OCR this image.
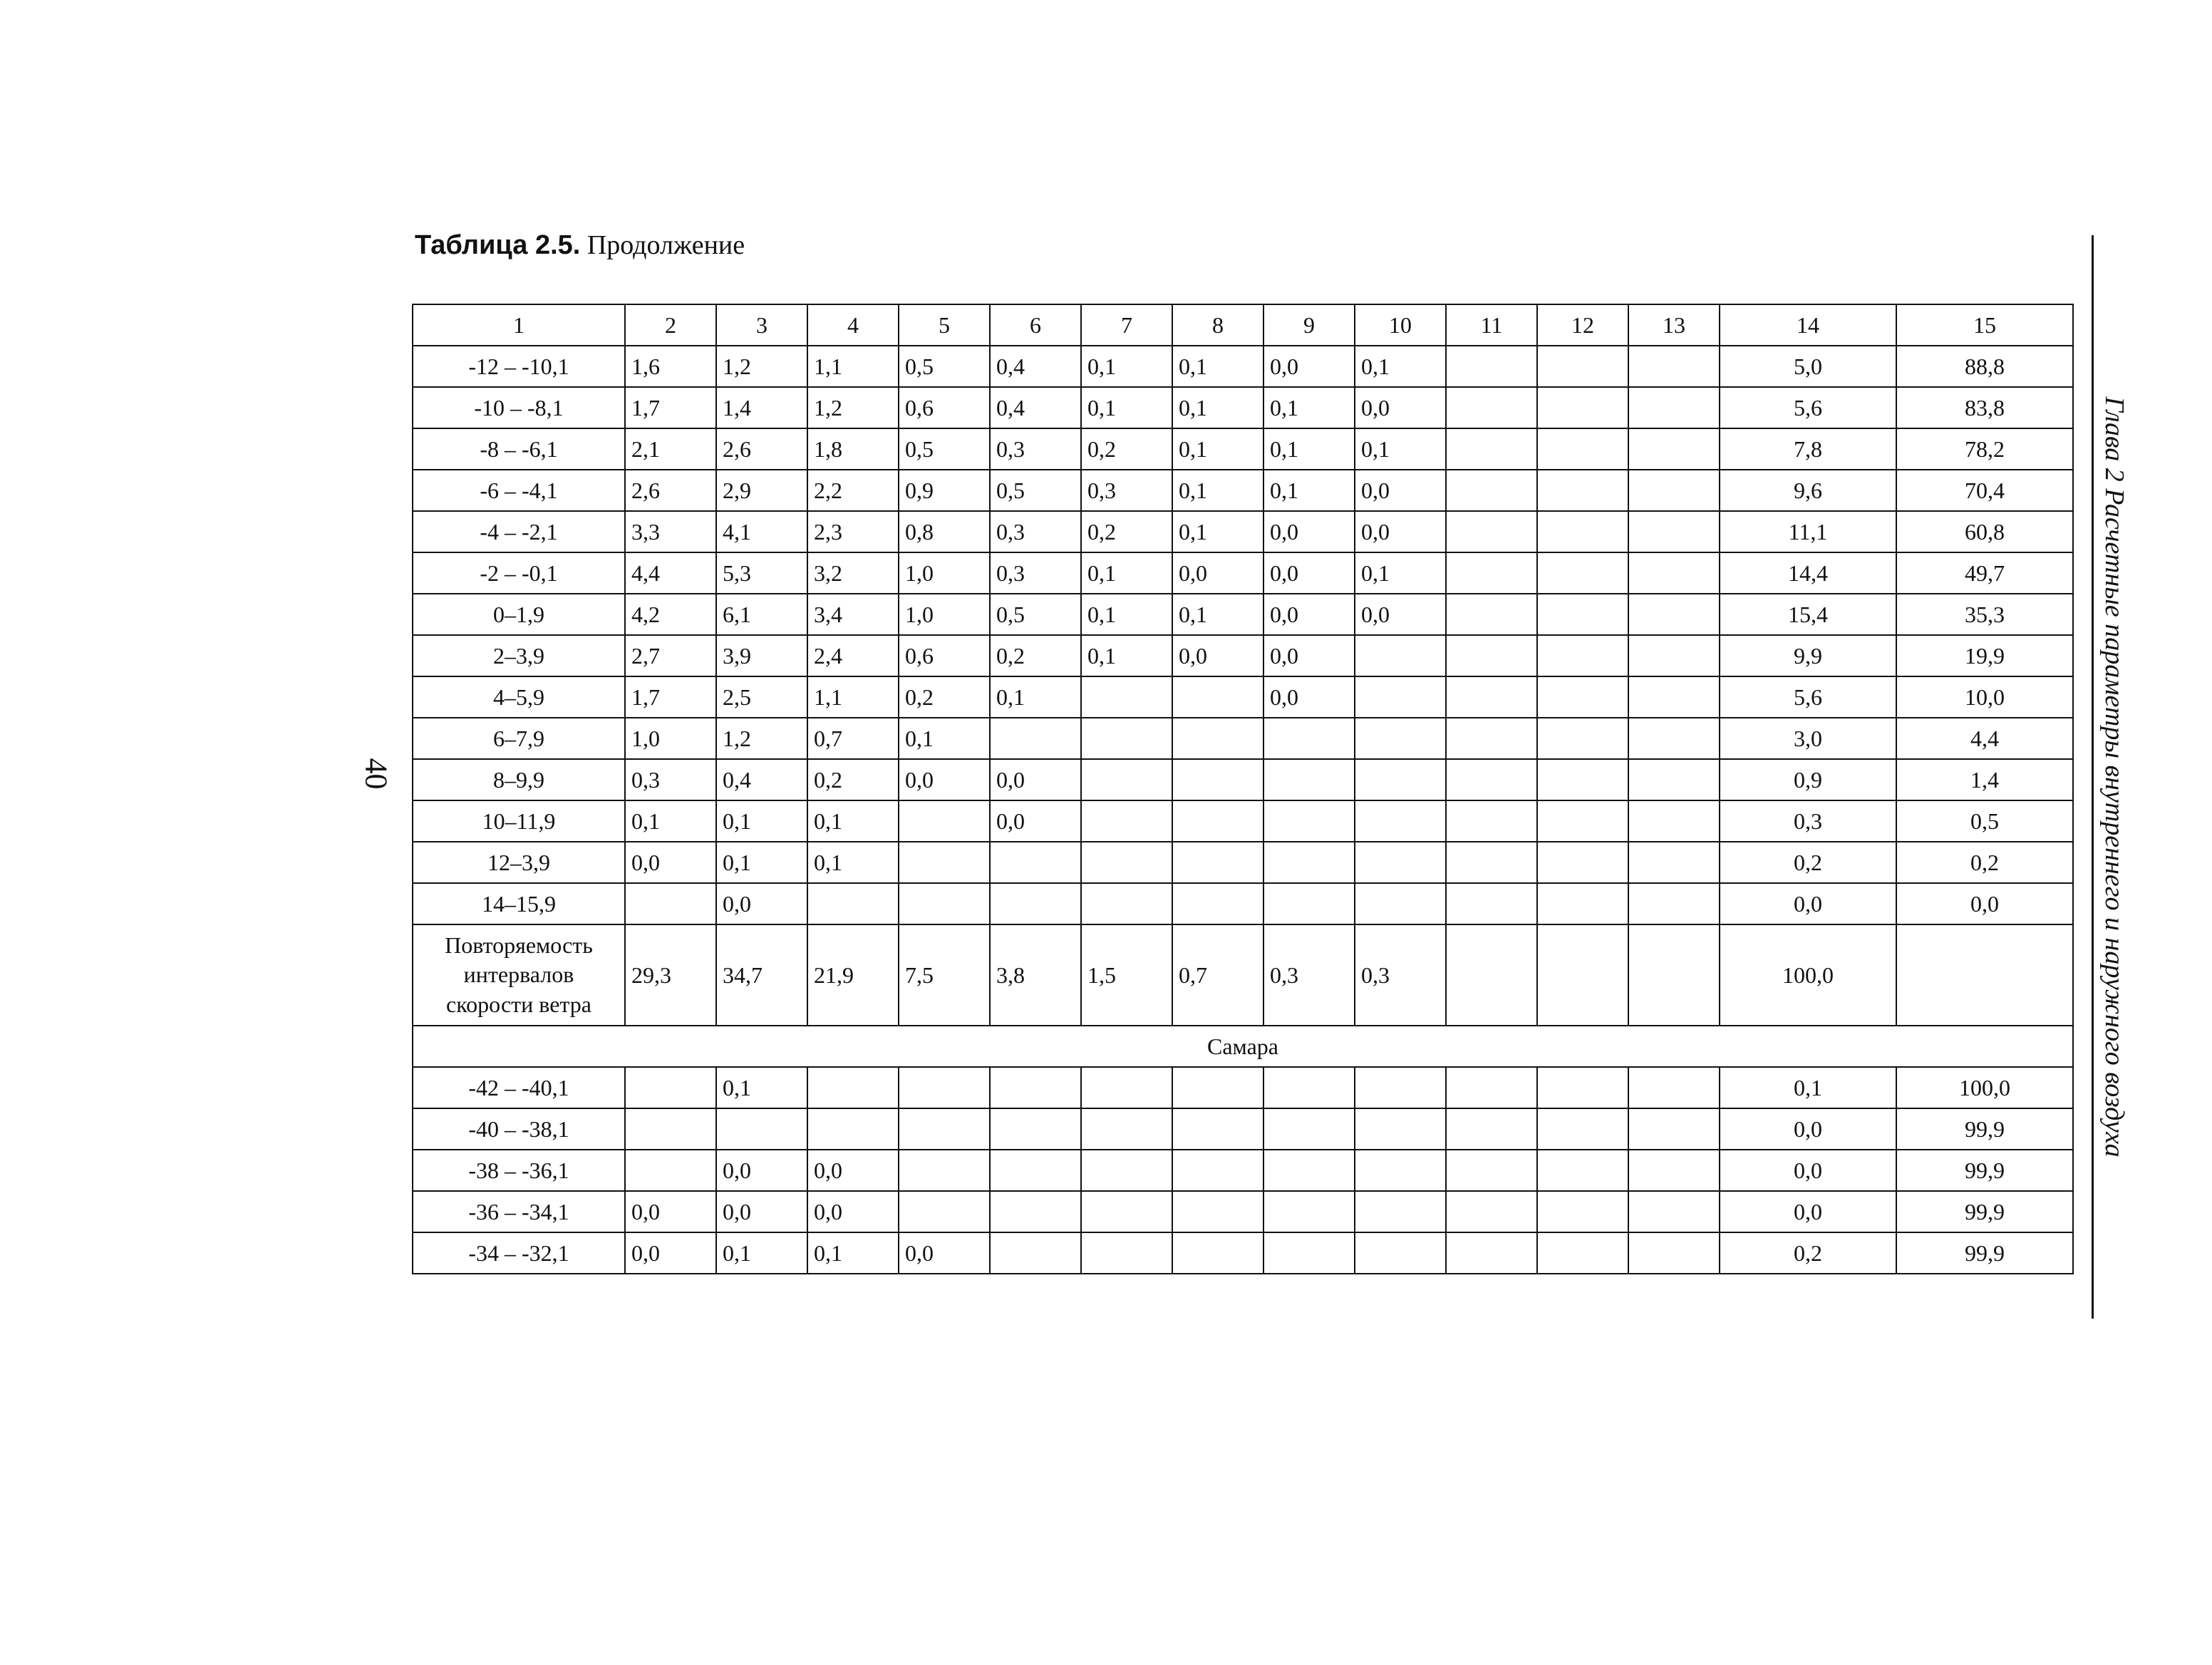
Таблица 2.5. Продолжение
40	Глава 2 Расчетные параметры внутреннего и наружного воздуха
1	2	3	4	5	6	7	8	9	10	11	12	13	14	15
-12 – -10,1	1,6	1,2	1,1	0,5	0,4	0,1	0,1	0,0	0,1				5,0	88,8
-10 – -8,1	1,7	1,4	1,2	0,6	0,4	0,1	0,1	0,1	0,0				5,6	83,8
-8 – -6,1	2,1	2,6	1,8	0,5	0,3	0,2	0,1	0,1	0,1				7,8	78,2
-6 – -4,1	2,6	2,9	2,2	0,9	0,5	0,3	0,1	0,1	0,0				9,6	70,4
-4 – -2,1	3,3	4,1	2,3	0,8	0,3	0,2	0,1	0,0	0,0				11,1	60,8
-2 – -0,1	4,4	5,3	3,2	1,0	0,3	0,1	0,0	0,0	0,1				14,4	49,7
0–1,9	4,2	6,1	3,4	1,0	0,5	0,1	0,1	0,0	0,0				15,4	35,3
2–3,9	2,7	3,9	2,4	0,6	0,2	0,1	0,0	0,0					9,9	19,9
4–5,9	1,7	2,5	1,1	0,2	0,1			0,0					5,6	10,0
6–7,9	1,0	1,2	0,7	0,1									3,0	4,4
8–9,9	0,3	0,4	0,2	0,0	0,0								0,9	1,4
10–11,9	0,1	0,1	0,1		0,0								0,3	0,5
12–3,9	0,0	0,1	0,1										0,2	0,2
14–15,9		0,0											0,0	0,0

Повторяемость интервалов скорости ветра	29,3	34,7	21,9	7,5	3,8	1,5	0,7	0,3	0,3				100,0	
Самара														
-42 – -40,1		0,1											0,1	100,0
-40 – -38,1													0,0	99,9
-38 – -36,1		0,0	0,0										0,0	99,9
-36 – -34,1	0,0	0,0	0,0										0,0	99,9
-34 – -32,1	0,0	0,1	0,1	0,0									0,2	99,9
